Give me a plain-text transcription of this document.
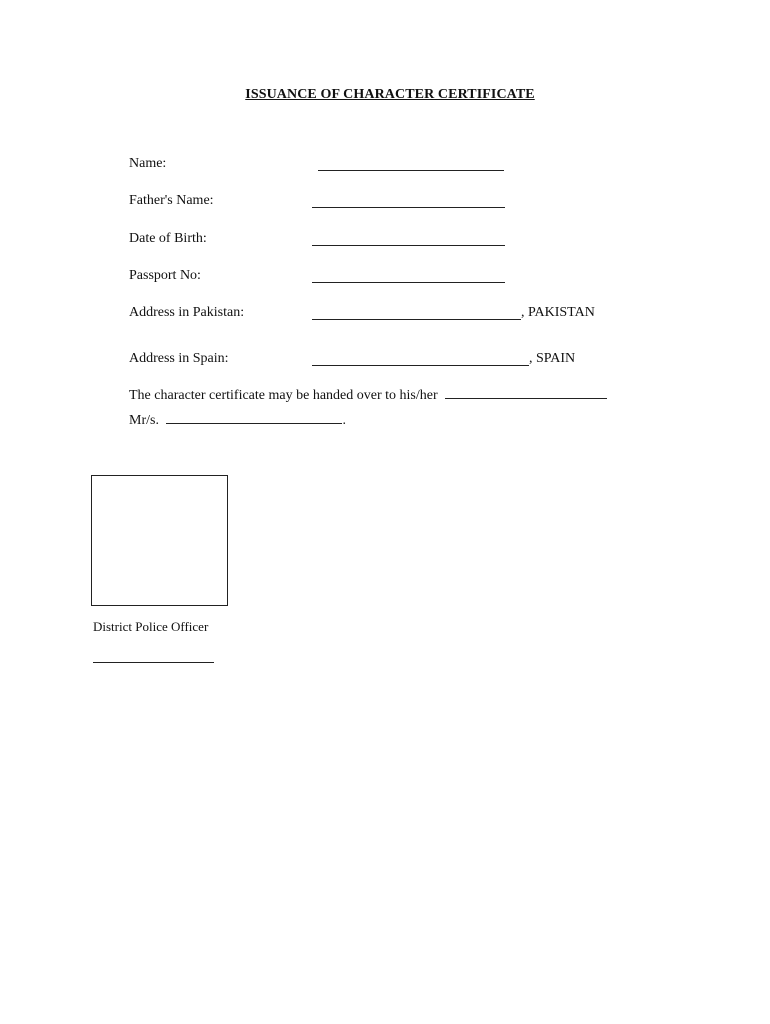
ISSUANCE OF CHARACTER CERTIFICATE
Name:
Father's Name:
Date of Birth:
Passport No:
Address in Pakistan:	, PAKISTAN
Address in Spain:	, SPAIN
The character certificate may be handed over to his/her
Mr/s.	.
District Police Officer
